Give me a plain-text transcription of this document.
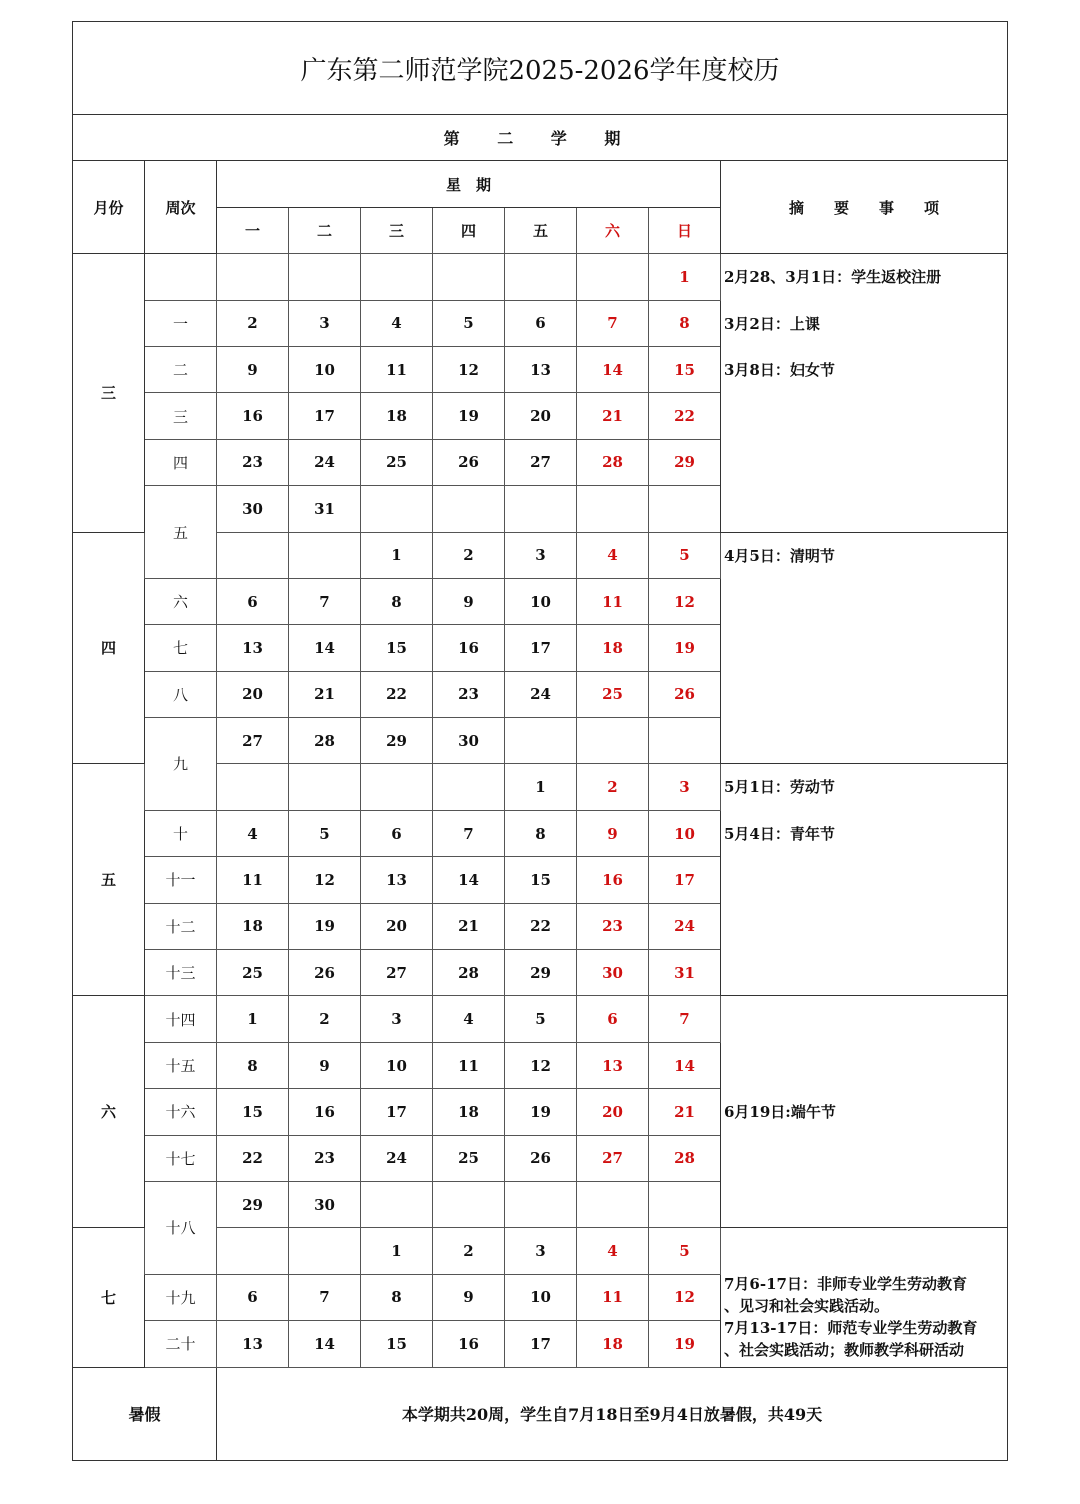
广东第二师范学院2025-2026学年度校历									
第 二 学 期									
月份	周次	星　期							摘　　要　　事　　项
		一	二	三	四	五	六	日	
三								1	2月28、3月1日：学生返校注册
3月2日：上课
3月8日：妇女节

	一	2	3	4	5	6	7	8	
	二	9	10	11	12	13	14	15	
	三	16	17	18	19	20	21	22	
	四	23	24	25	26	27	28	29	
	五	30	31						
四				1	2	3	4	5	4月5日：清明节

	六	6	7	8	9	10	11	12	
	七	13	14	15	16	17	18	19	
	八	20	21	22	23	24	25	26	
	九	27	28	29	30				
五						1	2	3	5月1日：劳动节
5月4日：青年节

	十	4	5	6	7	8	9	10	
	十一	11	12	13	14	15	16	17	
	十二	18	19	20	21	22	23	24	
	十三	25	26	27	28	29	30	31	
六	十四	1	2	3	4	5	6	7	6月19日:端午节

	十五	8	9	10	11	12	13	14	
	十六	15	16	17	18	19	20	21	
	十七	22	23	24	25	26	27	28	
	十八	29	30						
七				1	2	3	4	5	7月6-17日：非师专业学生劳动教育
、见习和社会实践活动。
7月13-17日：师范专业学生劳动教育
、社会实践活动；教师教学科研活动

	十九	6	7	8	9	10	11	12	
	二十	13	14	15	16	17	18	19	
暑假		本学期共20周，学生自7月18日至9月4日放暑假，共49天							
